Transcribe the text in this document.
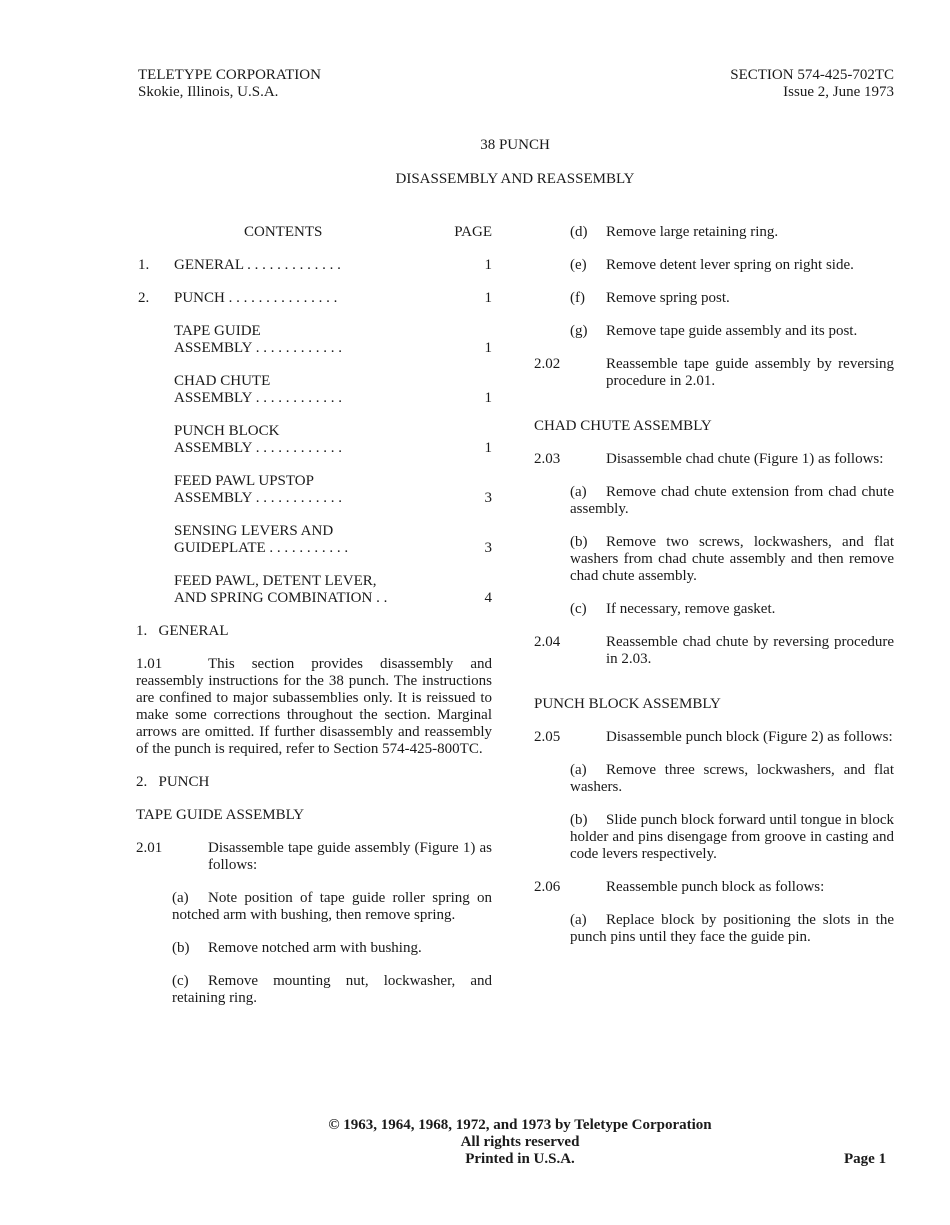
TELETYPE CORPORATION
Skokie, Illinois, U.S.A.
SECTION 574-425-702TC
Issue 2, June 1973
38 PUNCH
DISASSEMBLY AND REASSEMBLY
CONTENTS	PAGE
1. GENERAL . . . . . . . . . . . . .	1
2. PUNCH . . . . . . . . . . . . . . .	1
TAPE GUIDE
ASSEMBLY . . . . . . . . . . . .	1
CHAD CHUTE
ASSEMBLY . . . . . . . . . . . .	1
PUNCH BLOCK
ASSEMBLY . . . . . . . . . . . .	1
FEED PAWL UPSTOP
ASSEMBLY . . . . . . . . . . . .	3
SENSING LEVERS AND
GUIDEPLATE . . . . . . . . . . .	3
FEED PAWL, DETENT LEVER,
AND SPRING COMBINATION . .	4
1.   GENERAL
1.01	This section provides disassembly and reassembly instructions for the 38 punch. The instructions are confined to major subassemblies only. It is reissued to make some corrections throughout the section. Marginal arrows are omitted. If further disassembly and reassembly of the punch is required, refer to Section 574-425-800TC.
2.   PUNCH
TAPE GUIDE ASSEMBLY
2.01	Disassemble tape guide assembly (Figure 1) as follows:
(a)	Note position of tape guide roller spring on notched arm with bushing, then remove spring.
(b)	Remove notched arm with bushing.
(c)	Remove mounting nut, lockwasher, and retaining ring.
(d)	Remove large retaining ring.
(e)	Remove detent lever spring on right side.
(f)	Remove spring post.
(g)	Remove tape guide assembly and its post.
2.02	Reassemble tape guide assembly by reversing procedure in 2.01.
CHAD CHUTE ASSEMBLY
2.03	Disassemble chad chute (Figure 1) as follows:
(a)	Remove chad chute extension from chad chute assembly.
(b)	Remove two screws, lockwashers, and flat washers from chad chute assembly and then remove chad chute assembly.
(c)	If necessary, remove gasket.
2.04	Reassemble chad chute by reversing procedure in 2.03.
PUNCH BLOCK ASSEMBLY
2.05	Disassemble punch block (Figure 2) as follows:
(a)	Remove three screws, lockwashers, and flat washers.
(b)	Slide punch block forward until tongue in block holder and pins disengage from groove in casting and code levers respectively.
2.06	Reassemble punch block as follows:
(a)	Replace block by positioning the slots in the punch pins until they face the guide pin.
© 1963, 1964, 1968, 1972, and 1973 by Teletype Corporation
All rights reserved
Printed in U.S.A.	Page 1
